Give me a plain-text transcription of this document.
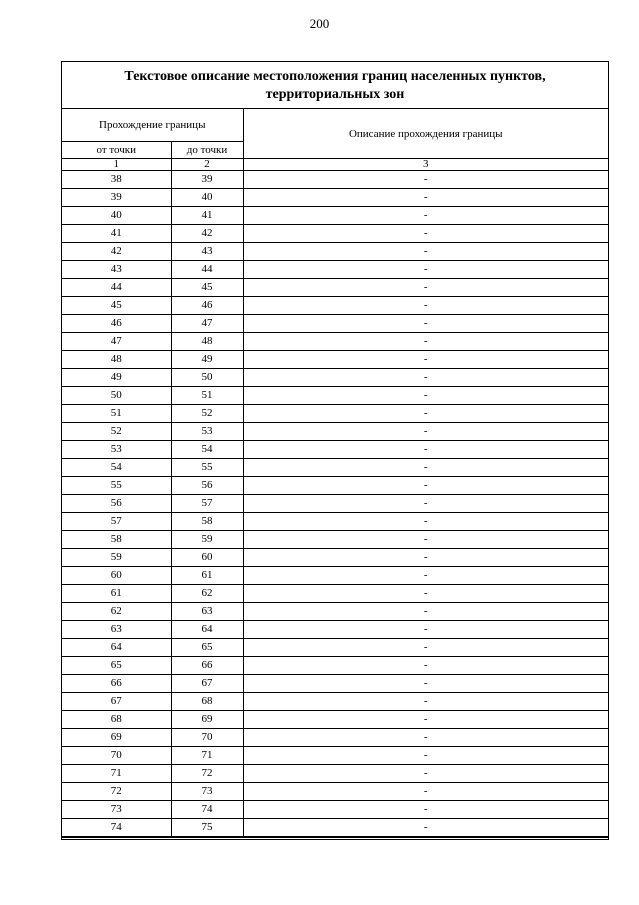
200
Текстовое описание местоположения границ населенных пунктов,
территориальных зон
Прохождение границы		Описание прохождения границы
от точки	до точки	
1	2	3
38	39	-
39	40	-
40	41	-
41	42	-
42	43	-
43	44	-
44	45	-
45	46	-
46	47	-
47	48	-
48	49	-
49	50	-
50	51	-
51	52	-
52	53	-
53	54	-
54	55	-
55	56	-
56	57	-
57	58	-
58	59	-
59	60	-
60	61	-
61	62	-
62	63	-
63	64	-
64	65	-
65	66	-
66	67	-
67	68	-
68	69	-
69	70	-
70	71	-
71	72	-
72	73	-
73	74	-
74	75	-
